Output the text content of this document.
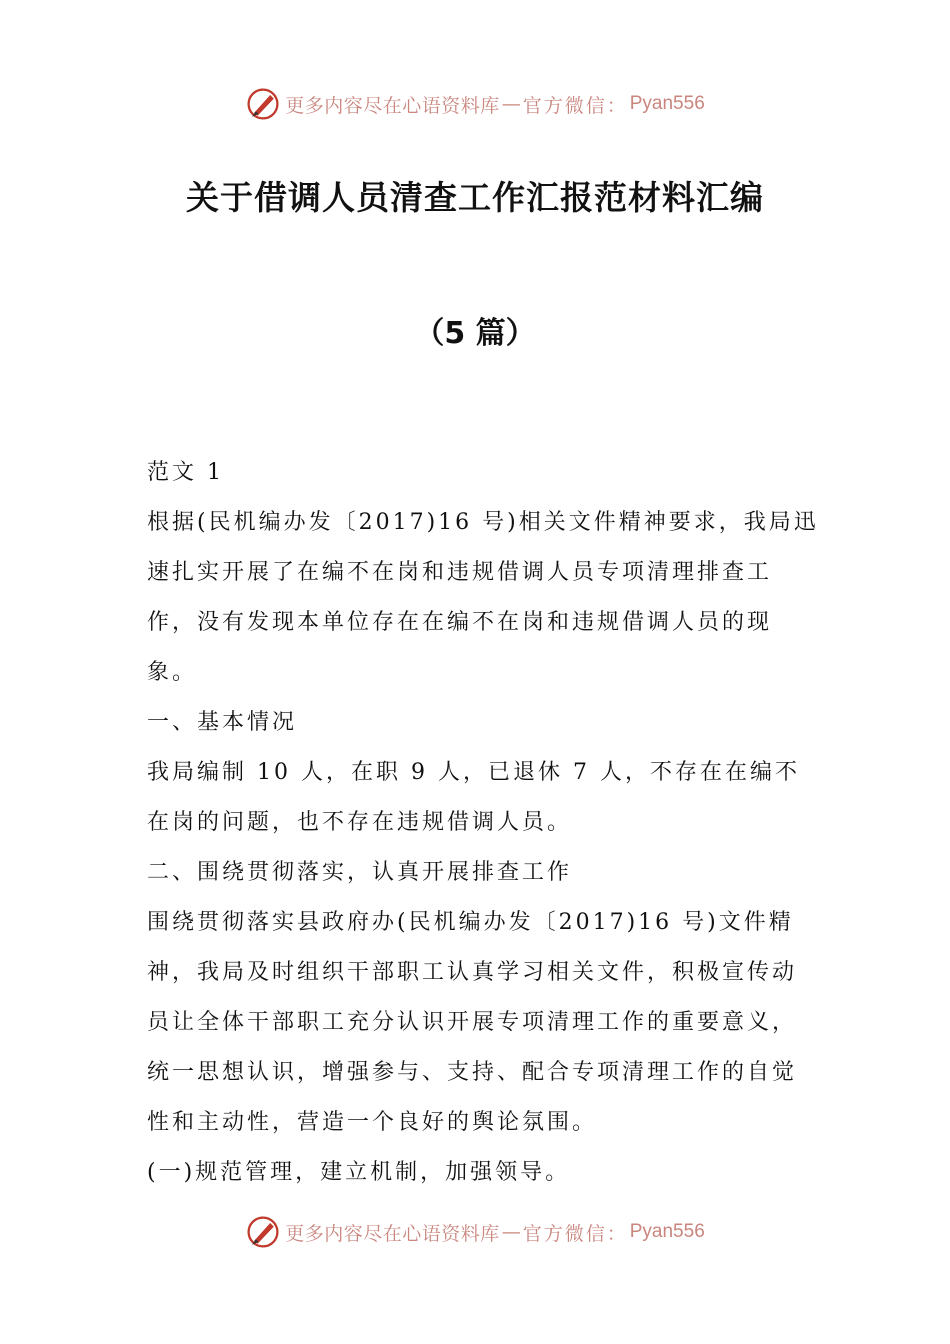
更多内容尽在心语资料库 — 官方微信： Pyan556
关于借调人员清查工作汇报范材料汇编
（5 篇）

范文 1

根据(民机编办发〔2017)16 号)相关文件精神要求，我局迅速扎实开展了在编不在岗和违规借调人员专项清理排查工作，没有发现本单位存在在编不在岗和违规借调人员的现象。

一、基本情况

我局编制 10 人，在职 9 人，已退休 7 人，不存在在编不在岗的问题，也不存在违规借调人员。

二、围绕贯彻落实，认真开展排查工作

围绕贯彻落实县政府办(民机编办发〔2017)16 号)文件精神，我局及时组织干部职工认真学习相关文件，积极宣传动员让全体干部职工充分认识开展专项清理工作的重要意义，统一思想认识，增强参与、支持、配合专项清理工作的自觉性和主动性，营造一个良好的舆论氛围。

(一)规范管理，建立机制，加强领导。

更多内容尽在心语资料库 — 官方微信： Pyan556
